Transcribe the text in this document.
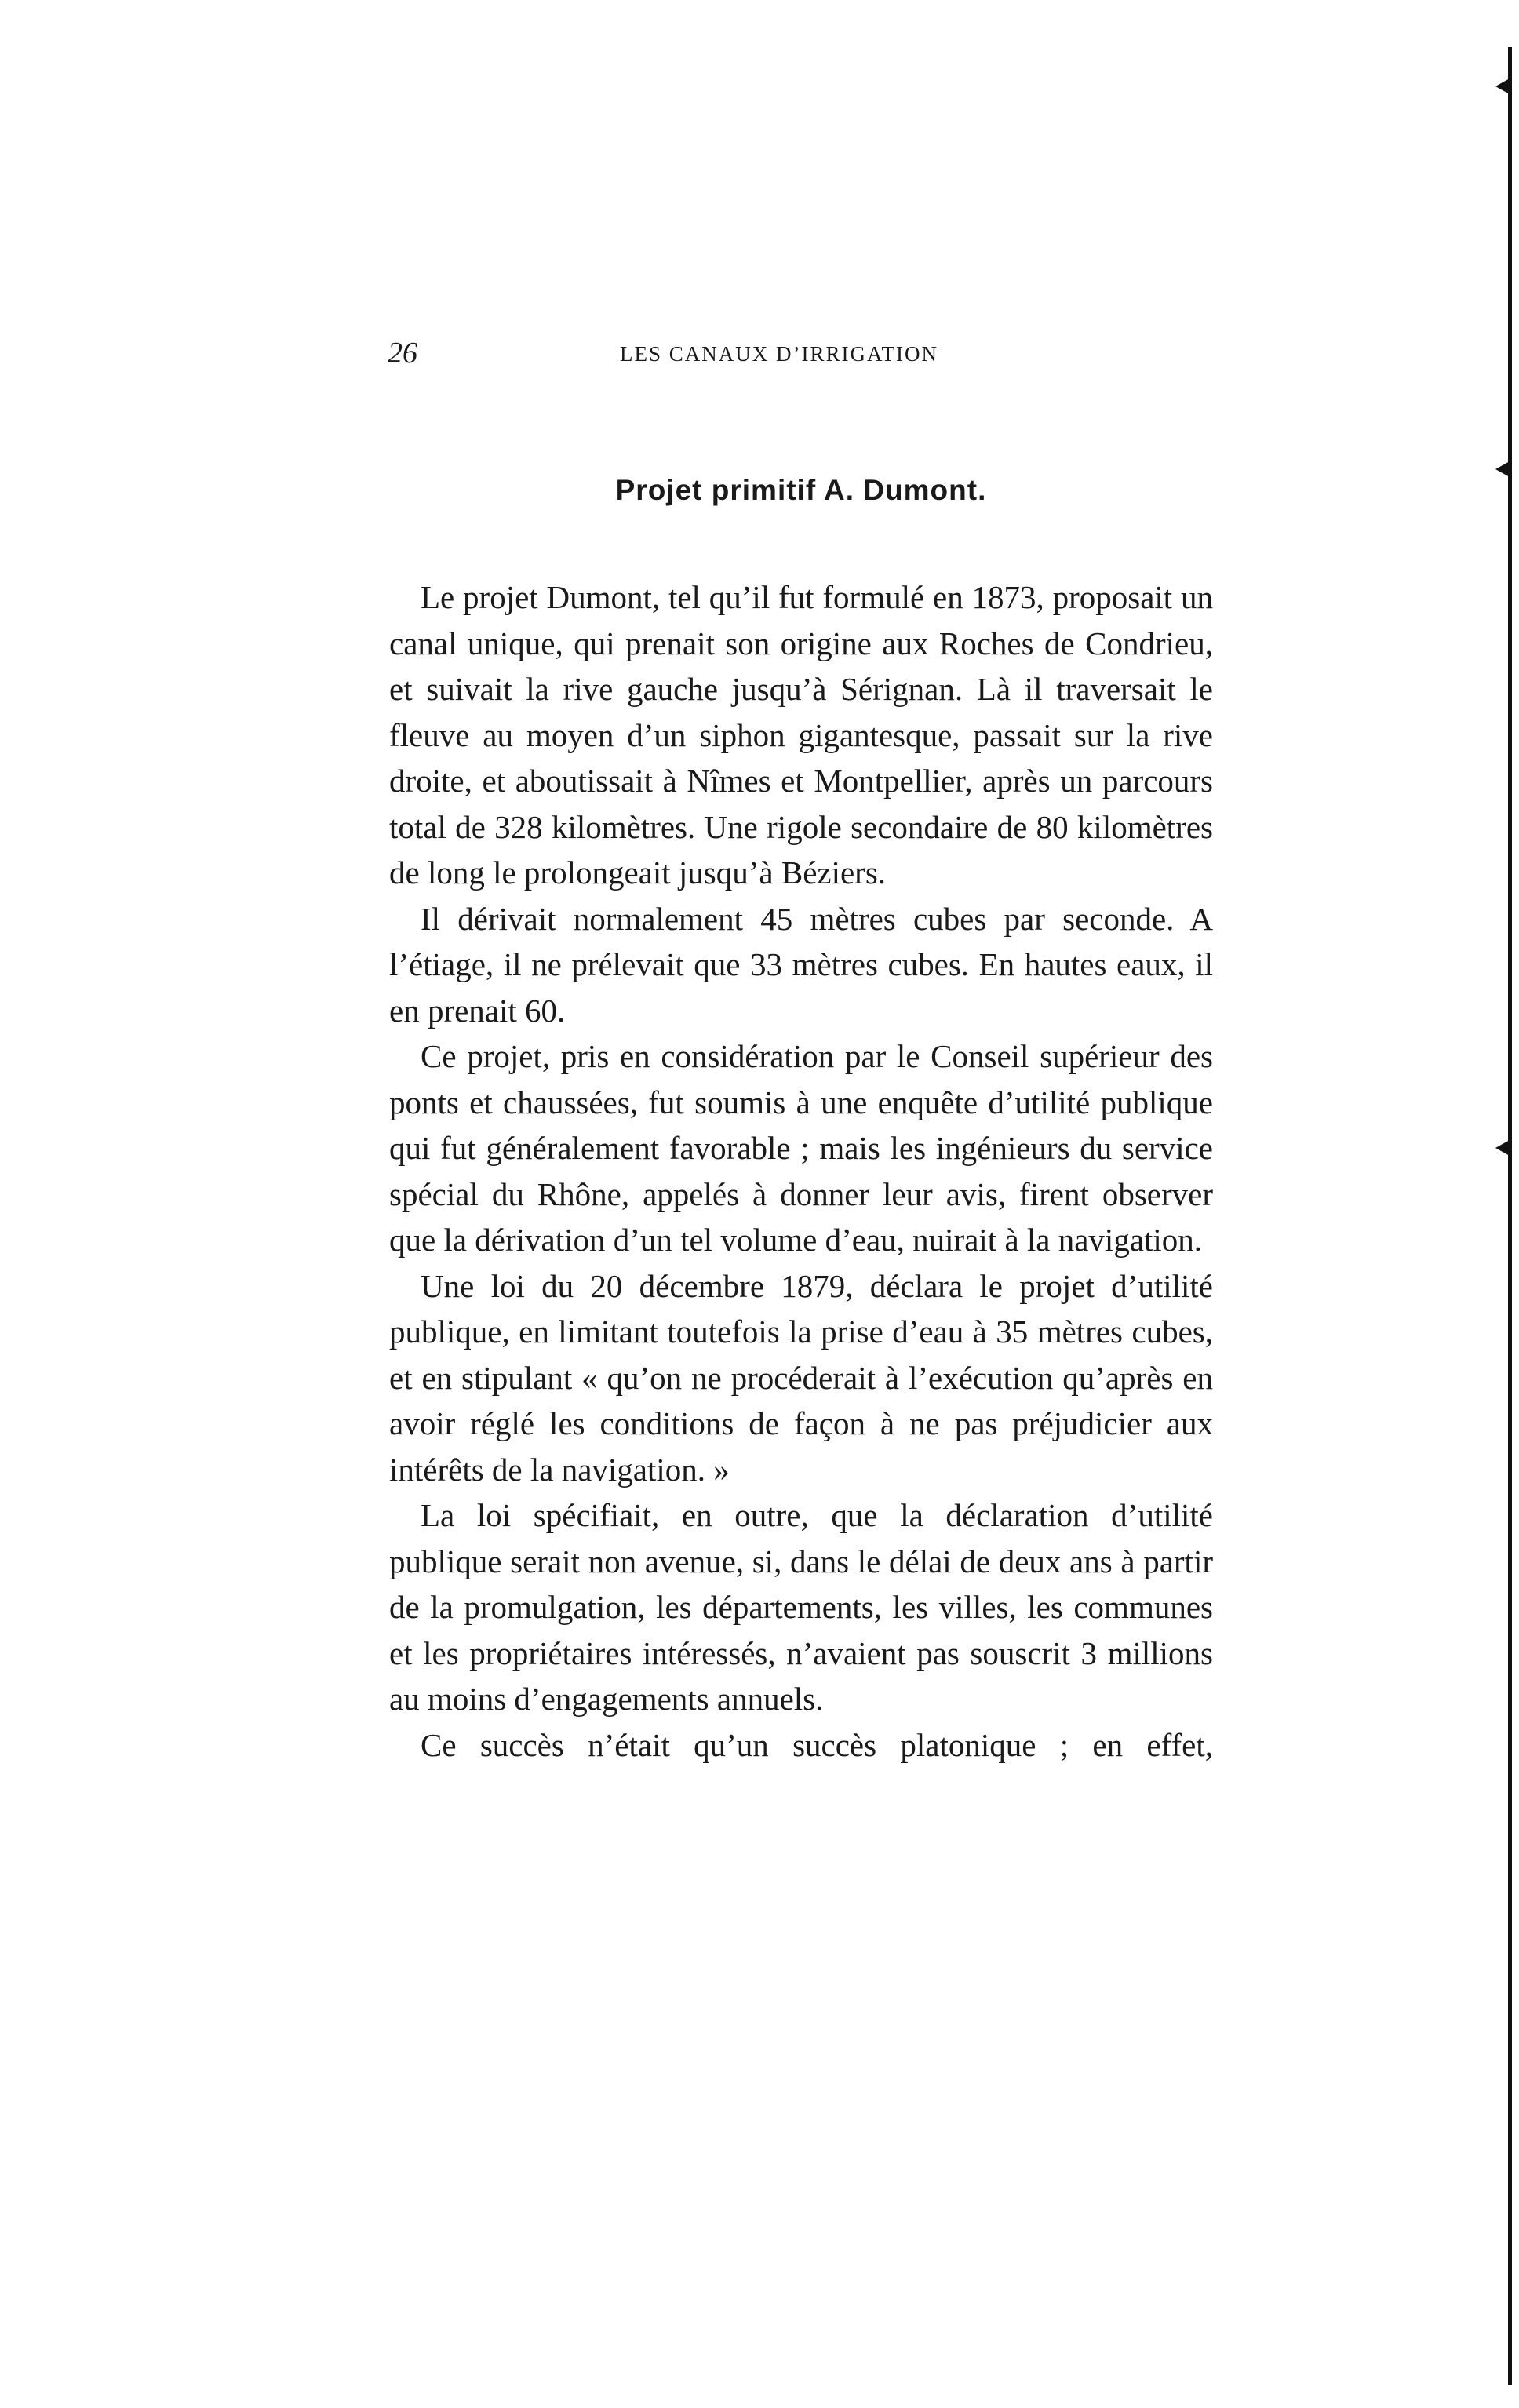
26	LES CANAUX D’IRRIGATION
Projet primitif A. Dumont.

Le projet Dumont, tel qu’il fut formulé en 1873, proposait un canal unique, qui prenait son origine aux Roches de Condrieu, et suivait la rive gauche jusqu’à Sérignan. Là il traversait le fleuve au moyen d’un siphon gigantesque, passait sur la rive droite, et aboutissait à Nîmes et Montpellier, après un parcours total de 328 kilomètres. Une rigole secondaire de 80 kilomètres de long le prolongeait jusqu’à Béziers.

Il dérivait normalement 45 mètres cubes par seconde. A l’étiage, il ne prélevait que 33 mètres cubes. En hautes eaux, il en prenait 60.

Ce projet, pris en considération par le Conseil supérieur des ponts et chaussées, fut soumis à une enquête d’utilité publique qui fut généralement favorable ; mais les ingénieurs du service spécial du Rhône, appelés à donner leur avis, firent observer que la dérivation d’un tel volume d’eau, nuirait à la navigation.

Une loi du 20 décembre 1879, déclara le projet d’utilité publique, en limitant toutefois la prise d’eau à 35 mètres cubes, et en stipulant « qu’on ne procéderait à l’exécution qu’après en avoir réglé les conditions de façon à ne pas préjudicier aux intérêts de la navigation. »

La loi spécifiait, en outre, que la déclaration d’utilité publique serait non avenue, si, dans le délai de deux ans à partir de la promulgation, les départements, les villes, les communes et les propriétaires intéressés, n’avaient pas souscrit 3 millions au moins d’engagements annuels.

Ce succès n’était qu’un succès platonique ; en effet,
